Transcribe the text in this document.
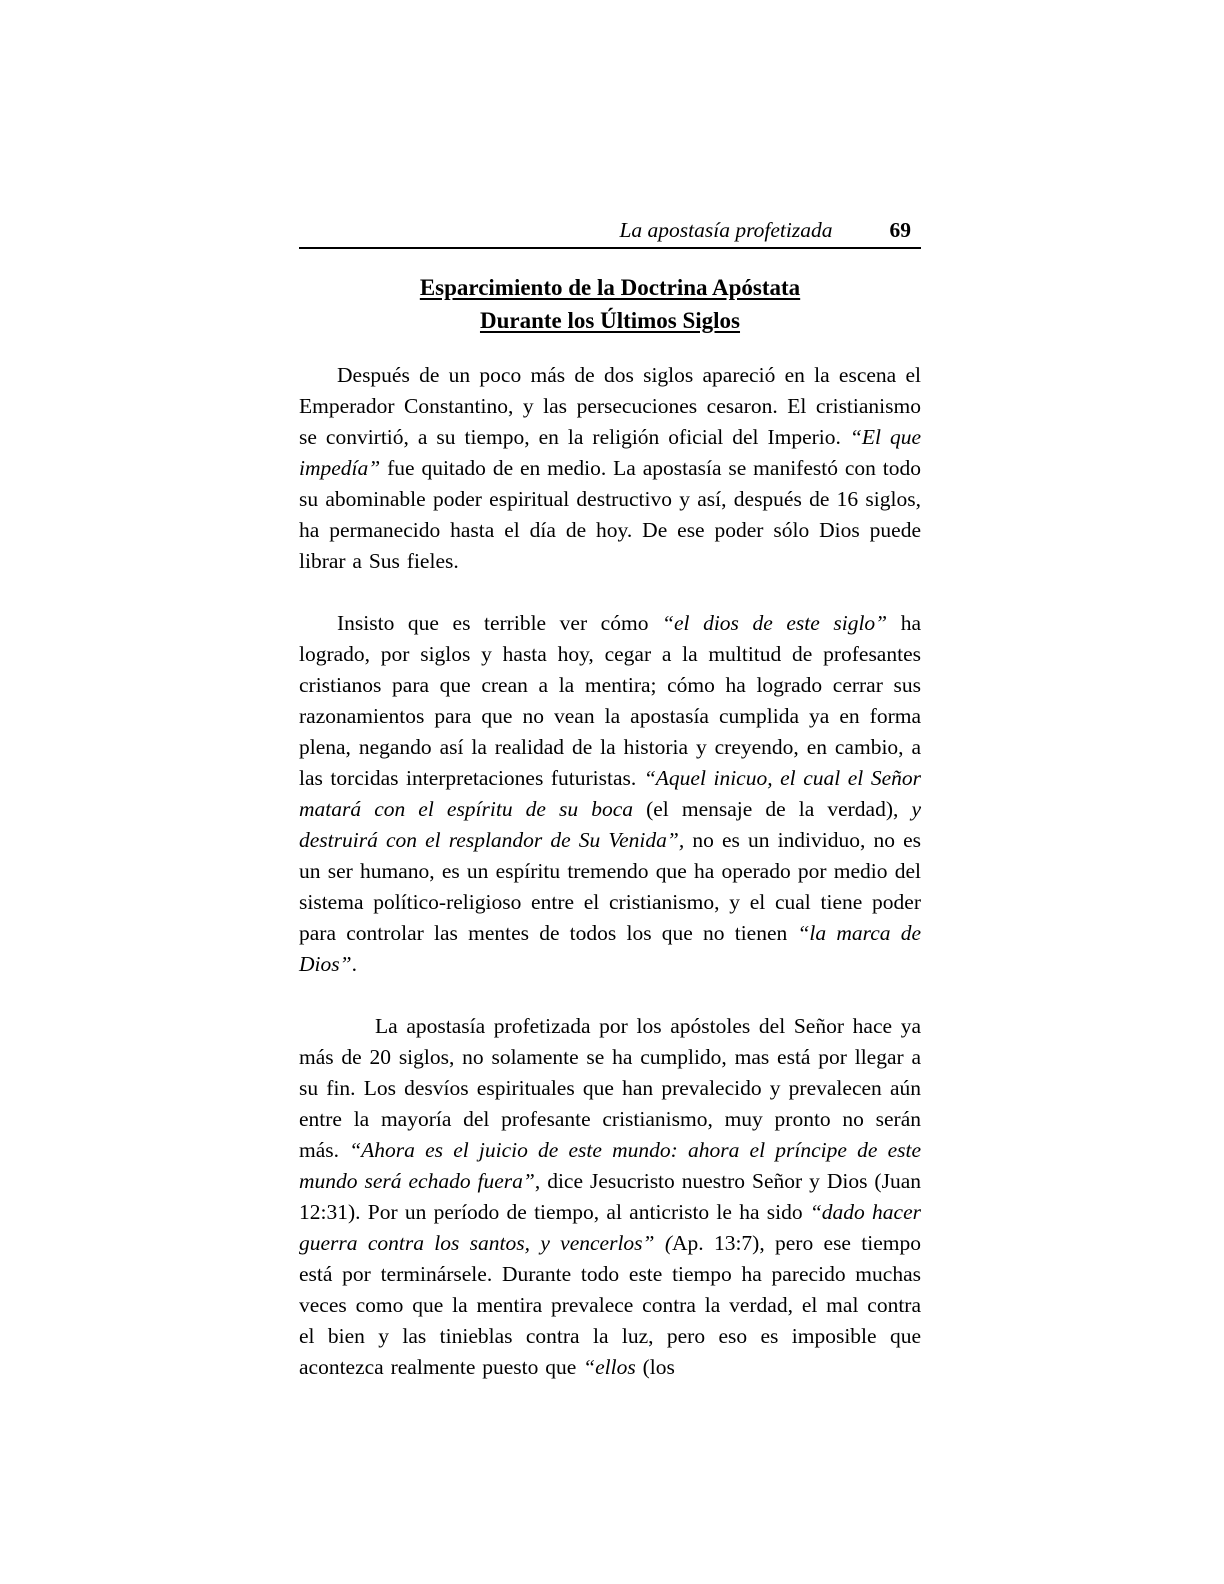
La apostasía profetizada	69
Esparcimiento de la Doctrina Apóstata
Durante los Últimos Siglos

Después de un poco más de dos siglos apareció en la escena el Emperador Constantino, y las persecuciones cesaron. El cristianismo se convirtió, a su tiempo, en la religión oficial del Imperio. “El que impedía” fue quitado de en medio. La apostasía se manifestó con todo su abominable poder espiritual destructivo y así, después de 16 siglos, ha permanecido hasta el día de hoy. De ese poder sólo Dios puede librar a Sus fieles.

Insisto que es terrible ver cómo “el dios de este siglo” ha logrado, por siglos y hasta hoy, cegar a la multitud de profesantes cristianos para que crean a la mentira; cómo ha logrado cerrar sus razonamientos para que no vean la apostasía cumplida ya en forma plena, negando así la realidad de la historia y creyendo, en cambio, a las torcidas interpretaciones futuristas. “Aquel inicuo, el cual el Señor matará con el espíritu de su boca (el mensaje de la verdad), y destruirá con el resplandor de Su Venida”, no es un individuo, no es un ser humano, es un espíritu tremendo que ha operado por medio del sistema político-religioso entre el cristianismo, y el cual tiene poder para controlar las mentes de todos los que no tienen “la marca de Dios”.

La apostasía profetizada por los apóstoles del Señor hace ya más de 20 siglos, no solamente se ha cumplido, mas está por llegar a su fin. Los desvíos espirituales que han prevalecido y prevalecen aún entre la mayoría del profesante cristianismo, muy pronto no serán más. “Ahora es el juicio de este mundo: ahora el príncipe de este mundo será echado fuera”, dice Jesucristo nuestro Señor y Dios (Juan 12:31). Por un período de tiempo, al anticristo le ha sido “dado hacer guerra contra los santos, y vencerlos” (Ap. 13:7), pero ese tiempo está por terminársele. Durante todo este tiempo ha parecido muchas veces como que la mentira prevalece contra la verdad, el mal contra el bien y las tinieblas contra la luz, pero eso es imposible que acontezca realmente puesto que “ellos (los
